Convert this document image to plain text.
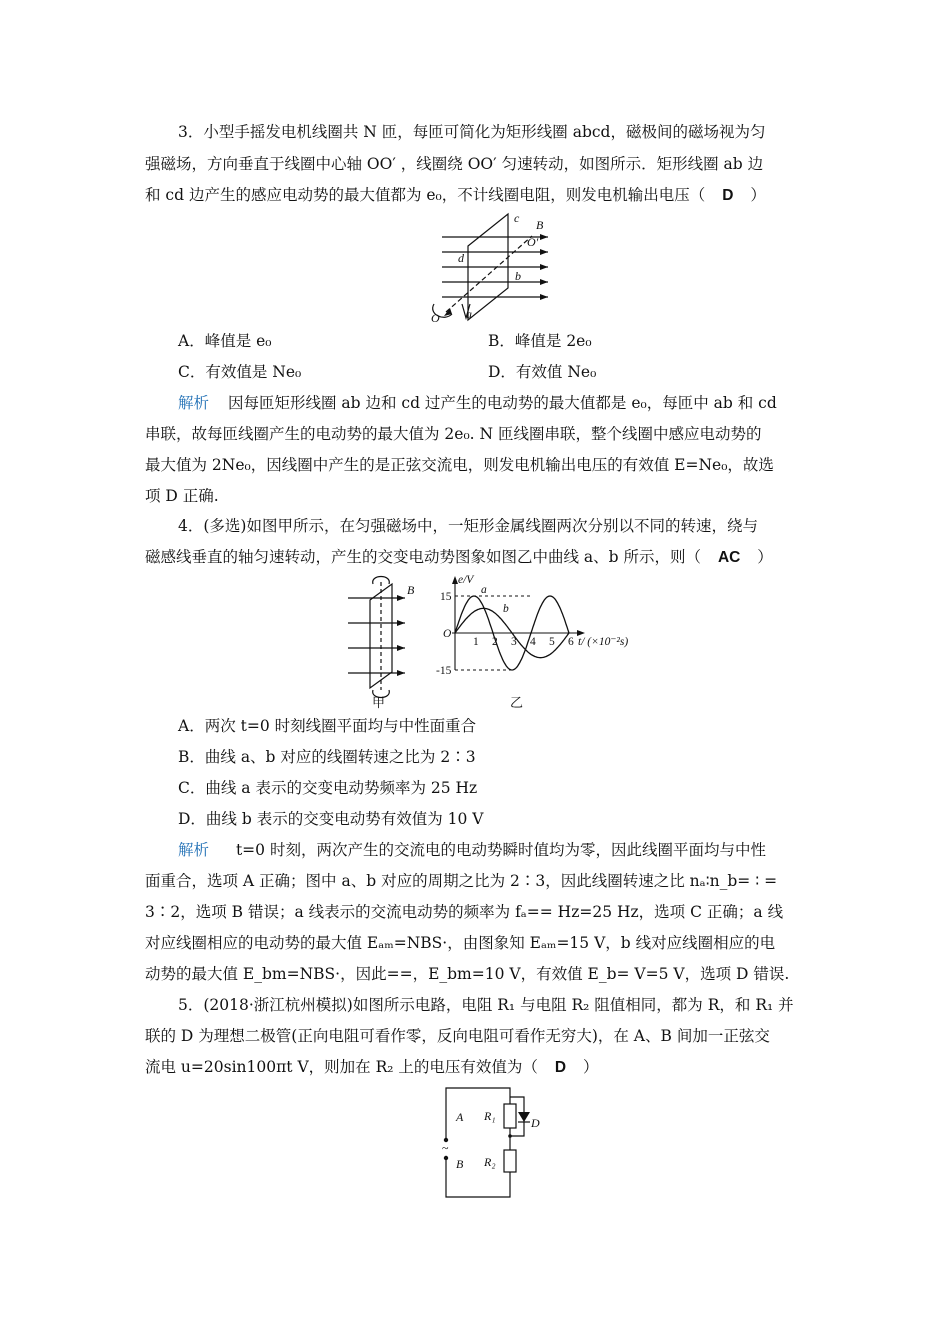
3．小型手摇发电机线圈共 N 匝，每匝可简化为矩形线圈 abcd，磁极间的磁场视为匀
强磁场，方向垂直于线圈中心轴 OO′ ，线圈绕 OO′ 匀速转动，如图所示．矩形线圈 ab 边
和 cd 边产生的感应电动势的最大值都为 e₀，不计线圈电阻，则发电机输出电压（ D ）
c B
O′
d
b
O a
A．峰值是 e₀	B．峰值是 2e₀
C．有效值是 Ne₀	D．有效值 Ne₀
解析 因每匝矩形线圈 ab 边和 cd 过产生的电动势的最大值都是 e₀，每匝中 ab 和 cd
串联，故每匝线圈产生的电动势的最大值为 2e₀. N 匝线圈串联，整个线圈中感应电动势的
最大值为 2Ne₀，因线圈中产生的是正弦交流电，则发电机输出电压的有效值 E=Ne₀，故选
项 D 正确.
4．(多选)如图甲所示，在匀强磁场中，一矩形金属线圈两次分别以不同的转速，绕与
磁感线垂直的轴匀速转动，产生的交变电动势图象如图乙中曲线 a、b 所示，则（ AC ）
B
甲
e/V
15
-15
O
t/ (×10⁻²s)
1 2 3 4 5 6
a
b
乙
A．两次 t=0 时刻线圈平面均与中性面重合
B．曲线 a、b 对应的线圈转速之比为 2∶3
C．曲线 a 表示的交变电动势频率为 25 Hz
D．曲线 b 表示的交变电动势有效值为 10 V
解析 t=0 时刻，两次产生的交流电的电动势瞬时值均为零，因此线圈平面均与中性
面重合，选项 A 正确；图中 a、b 对应的周期之比为 2∶3，因此线圈转速之比 nₐ∶n_b= ∶ =
3∶2，选项 B 错误；a 线表示的交流电动势的频率为 fₐ== Hz=25 Hz，选项 C 正确；a 线
对应线圈相应的电动势的最大值 Eₐₘ=NBS·，由图象知 Eₐₘ=15 V，b 线对应线圈相应的电
动势的最大值 E_bm=NBS·，因此==，E_bm=10 V，有效值 E_b= V=5 V，选项 D 错误.
5．(2018·浙江杭州模拟)如图所示电路，电阻 R₁ 与电阻 R₂ 阻值相同，都为 R，和 R₁ 并
联的 D 为理想二极管(正向电阻可看作零，反向电阻可看作无穷大)，在 A、B 间加一正弦交
流电 u=20sin100πt V，则加在 R₂ 上的电压有效值为（ D ）
A
~
B
R₁
R₂
D
